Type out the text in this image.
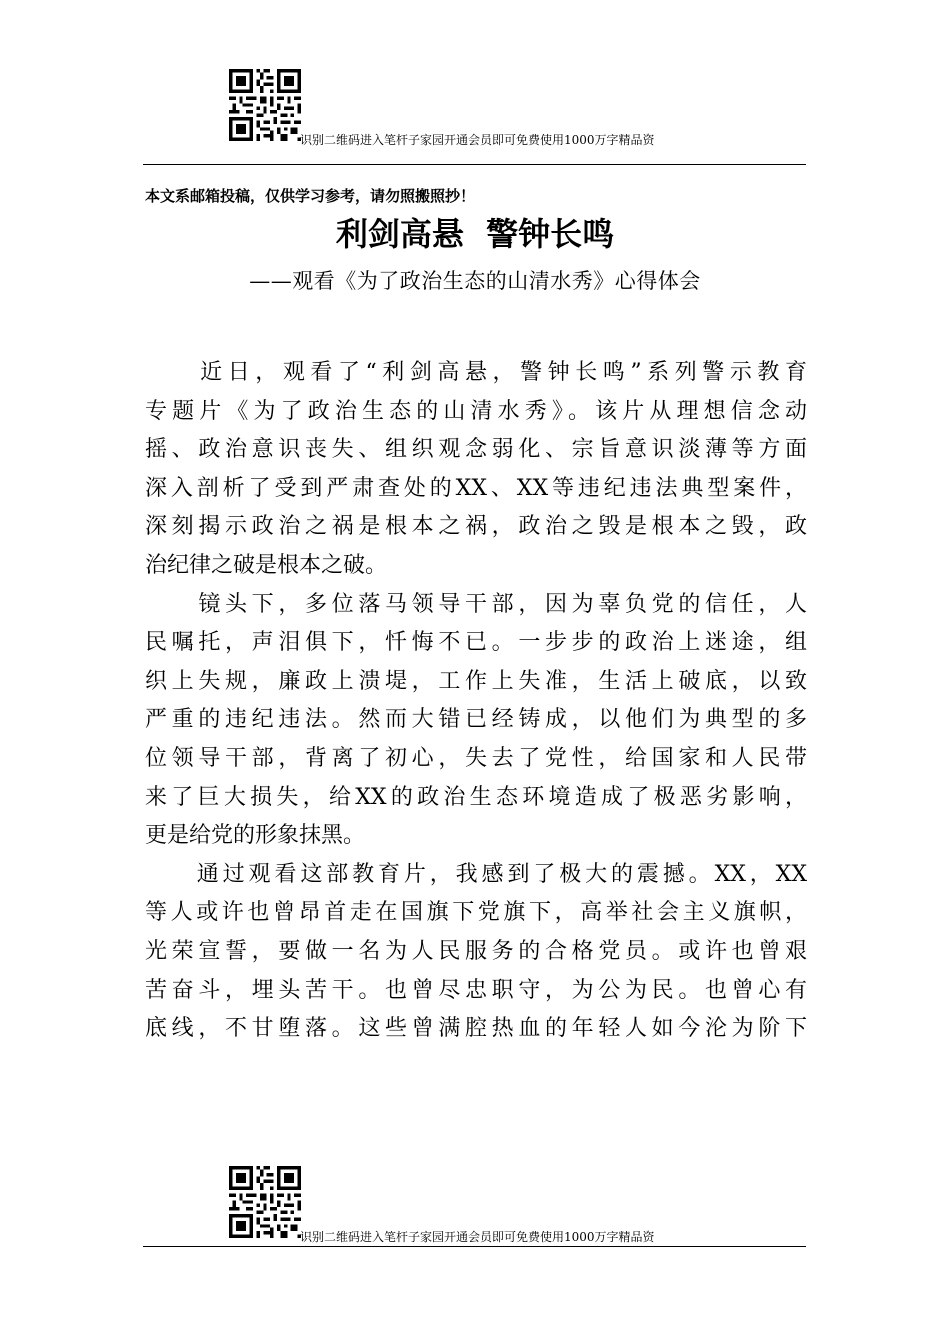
识别二维码进入笔杆子家园开通会员即可免费使用1000万字精品资
本文系邮箱投稿，仅供学习参考，请勿照搬照抄！
利剑高悬  警钟长鸣
——观看《为了政治生态的山清水秀》心得体会
　　近日，观看了“利剑高悬，警钟长鸣”系列警示教育
专题片《为了政治生态的山清水秀》。该片从理想信念动
摇、政治意识丧失、组织观念弱化、宗旨意识淡薄等方面
深入剖析了受到严肃查处的XX、XX等违纪违法典型案件，
深刻揭示政治之祸是根本之祸，政治之毁是根本之毁，政
治纪律之破是根本之破。
　　镜头下，多位落马领导干部，因为辜负党的信任，人
民嘱托，声泪俱下，忏悔不已。一步步的政治上迷途，组
织上失规，廉政上溃堤，工作上失准，生活上破底，以致
严重的违纪违法。然而大错已经铸成，以他们为典型的多
位领导干部，背离了初心，失去了党性，给国家和人民带
来了巨大损失，给XX的政治生态环境造成了极恶劣影响，
更是给党的形象抹黑。
　　通过观看这部教育片，我感到了极大的震撼。XX，XX
等人或许也曾昂首走在国旗下党旗下，高举社会主义旗帜，
光荣宣誓，要做一名为人民服务的合格党员。或许也曾艰
苦奋斗，埋头苦干。也曾尽忠职守，为公为民。也曾心有
底线，不甘堕落。这些曾满腔热血的年轻人如今沦为阶下
识别二维码进入笔杆子家园开通会员即可免费使用1000万字精品资
